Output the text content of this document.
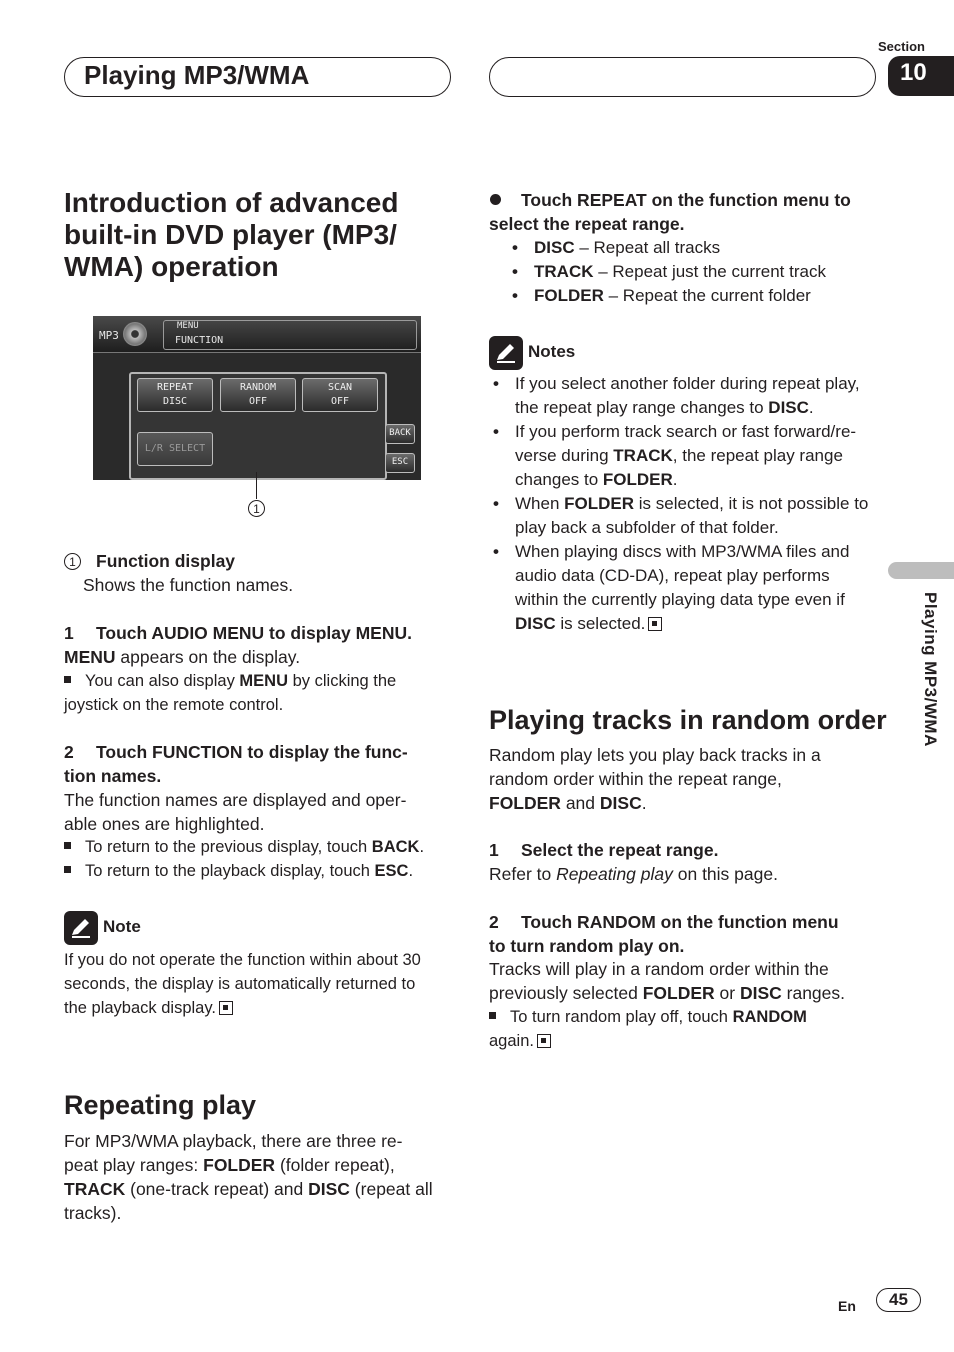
Playing MP3/WMA
Section
10
Introduction of advanced
built-in DVD player (MP3/
WMA) operation
MP3
MENU
FUNCTION
REPEAT
DISC
RANDOM
OFF
SCAN
OFF
L/R SELECT
BACK
ESC
1
1 Function display
Shows the function names.
1 Touch AUDIO MENU to display MENU.
MENU appears on the display.
You can also display MENU by clicking the
joystick on the remote control.
2	Touch FUNCTION to display the func-
tion names.
The function names are displayed and oper-
able ones are highlighted.
To return to the previous display, touch BACK.
To return to the playback display, touch ESC.
Note
If you do not operate the function within about 30
seconds, the display is automatically returned to
the playback display.
Repeating play
For MP3/WMA playback, there are three re-
peat play ranges: FOLDER (folder repeat),
TRACK (one-track repeat) and DISC (repeat all
tracks).
Touch REPEAT on the function menu to
select the repeat range.
• DISC – Repeat all tracks
• TRACK – Repeat just the current track
• FOLDER – Repeat the current folder
Notes
• If you select another folder during repeat play,
the repeat play range changes to DISC.
• If you perform track search or fast forward/re-
verse during TRACK, the repeat play range
changes to FOLDER.
• When FOLDER is selected, it is not possible to
play back a subfolder of that folder.
• When playing discs with MP3/WMA files and
audio data (CD-DA), repeat play performs
within the currently playing data type even if
DISC is selected.
Playing tracks in random order
Random play lets you play back tracks in a
random order within the repeat range,
FOLDER and DISC.
1 Select the repeat range.
Refer to Repeating play on this page.
2	Touch RANDOM on the function menu
to turn random play on.
Tracks will play in a random order within the
previously selected FOLDER or DISC ranges.
To turn random play off, touch RANDOM
again.
Playing MP3/WMA
En	45
